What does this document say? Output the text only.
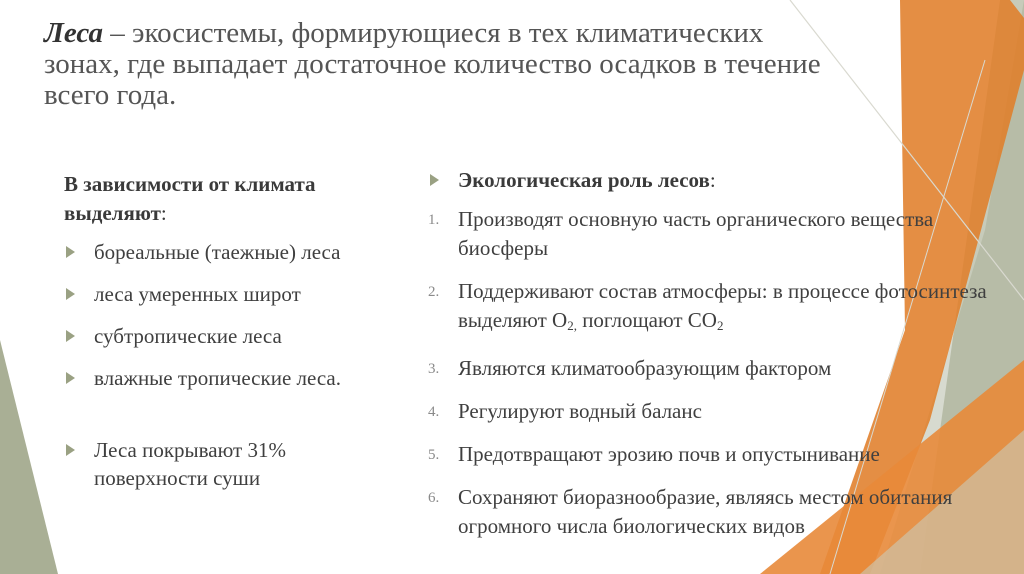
Леса – экосистемы, формирующиеся в тех климатических зонах, где выпадает достаточное количество осадков в течение всего года.
В зависимости от климата выделяют:
бореальные (таежные) леса
леса умеренных широт
субтропические леса
влажные тропические леса.
Леса покрывают 31% поверхности суши
Экологическая роль лесов:
1. Производят основную часть органического вещества биосферы
2. Поддерживают состав атмосферы: в процессе фотосинтеза выделяют $O_{2,}$ поглощают $CO_2$
3. Являются климатообразующим фактором
4. Регулируют водный баланс
5. Предотвращают эрозию почв и опустынивание
6. Сохраняют биоразнообразие, являясь местом обитания огромного числа биологических видов
